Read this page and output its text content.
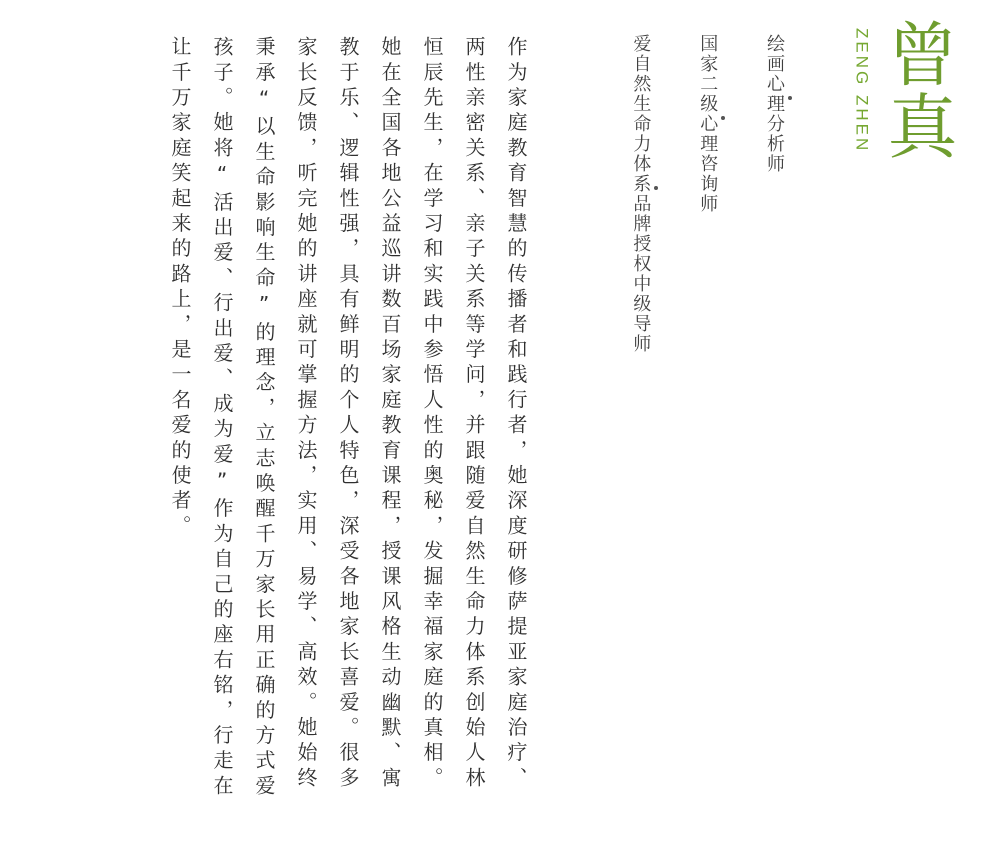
ZENG ZHEN 曾真
爱自然生命力体系品牌授权中级导师	国家二级心理咨询师	绘画心理分析师
作为家庭教育智慧的传播者和践行者，她深度研修萨提亚家庭治疗、
两性亲密关系、亲子关系等学问，并跟随爱自然生命力体系创始人林
恒辰先生，在学习和实践中参悟人性的奥秘，发掘幸福家庭的真相。
她在全国各地公益巡讲数百场家庭教育课程，授课风格生动幽默、寓
教于乐、逻辑性强，具有鲜明的个人特色，深受各地家长喜爱。很多
家长反馈，听完她的讲座就可掌握方法，实用、易学、高效。她始终
秉承“以生命影响生命”的理念，立志唤醒千万家长用正确的方式爱
孩子。她将“活出爱、行出爱、成为爱”作为自己的座右铭，行走在
让千万家庭笑起来的路上，是一名爱的使者。
